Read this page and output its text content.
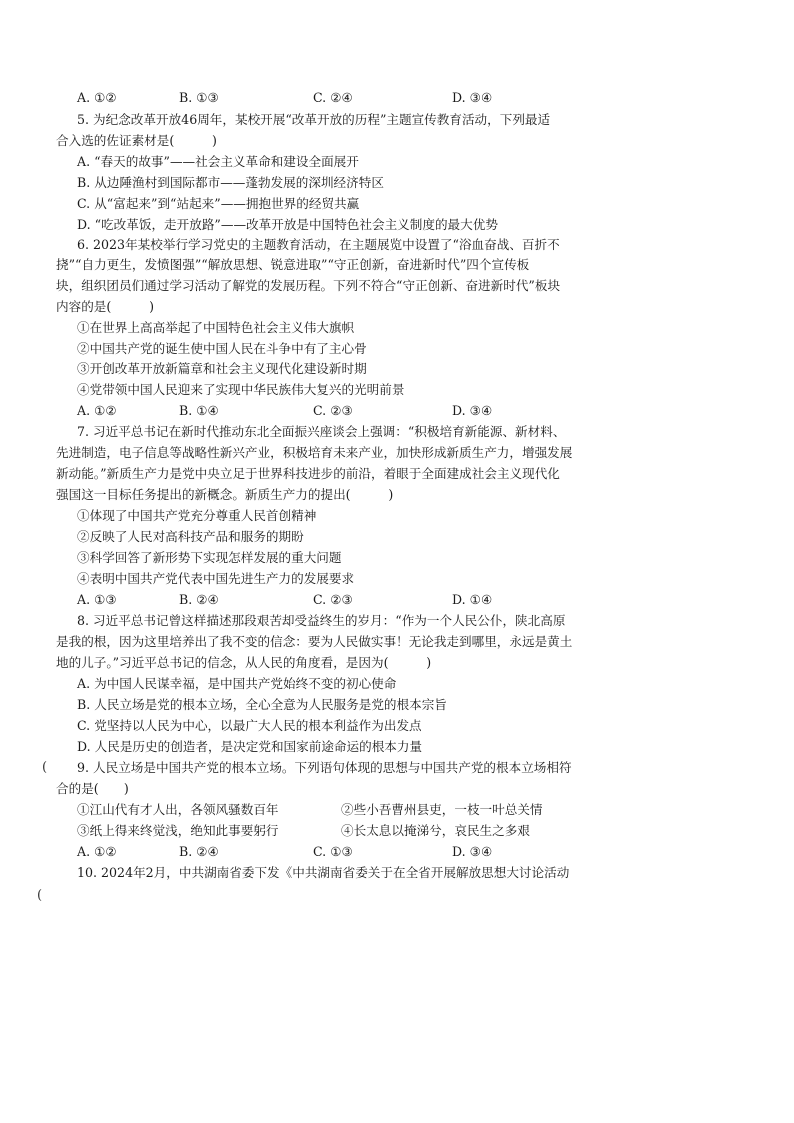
A. ①②	B. ①③	C. ②④	D. ③④
5. 为纪念改革开放46周年，某校开展“改革开放的历程”主题宣传教育活动，下列最适
合入选的佐证素材是(　　　)
A. “春天的故事”——社会主义革命和建设全面展开
B. 从边陲渔村到国际都市——蓬勃发展的深圳经济特区
C. 从“富起来”到“站起来”——拥抱世界的经贸共赢
D. “吃改革饭，走开放路”——改革开放是中国特色社会主义制度的最大优势
6. 2023年某校举行学习党史的主题教育活动，在主题展览中设置了“浴血奋战、百折不
挠”“自力更生，发愤图强”“解放思想、锐意进取”“守正创新，奋进新时代”四个宣传板
块，组织团员们通过学习活动了解党的发展历程。下列不符合“守正创新、奋进新时代”板块
内容的是(　　　)
①在世界上高高举起了中国特色社会主义伟大旗帜
②中国共产党的诞生使中国人民在斗争中有了主心骨
③开创改革开放新篇章和社会主义现代化建设新时期
④党带领中国人民迎来了实现中华民族伟大复兴的光明前景
A. ①②	B. ①④	C. ②③	D. ③④
7. 习近平总书记在新时代推动东北全面振兴座谈会上强调：“积极培育新能源、新材料、
先进制造，电子信息等战略性新兴产业，积极培育未来产业，加快形成新质生产力，增强发展
新动能。”新质生产力是党中央立足于世界科技进步的前沿，着眼于全面建成社会主义现代化
强国这一目标任务提出的新概念。新质生产力的提出(　　　)
①体现了中国共产党充分尊重人民首创精神
②反映了人民对高科技产品和服务的期盼
③科学回答了新形势下实现怎样发展的重大问题
④表明中国共产党代表中国先进生产力的发展要求
A. ①③	B. ②④	C. ②③	D. ①④
8. 习近平总书记曾这样描述那段艰苦却受益终生的岁月：“作为一个人民公仆，陕北高原
是我的根，因为这里培养出了我不变的信念：要为人民做实事！无论我走到哪里，永远是黄土
地的儿子。”习近平总书记的信念，从人民的角度看，是因为(　　　)
A. 为中国人民谋幸福，是中国共产党始终不变的初心使命
B. 人民立场是党的根本立场，全心全意为人民服务是党的根本宗旨
C. 党坚持以人民为中心，以最广大人民的根本利益作为出发点
D. 人民是历史的创造者，是决定党和国家前途命运的根本力量
9. 人民立场是中国共产党的根本立场。下列语句体现的思想与中国共产党的根本立场相符
(
合的是(　　)
①江山代有才人出，各领风骚数百年	②些小吾曹州县吏，一枝一叶总关情
③纸上得来终觉浅，绝知此事要躬行	④长太息以掩涕兮，哀民生之多艰
A. ①②	B. ②④	C. ①③	D. ③④
10. 2024年2月，中共湖南省委下发《中共湖南省委关于在全省开展解放思想大讨论活动
(
